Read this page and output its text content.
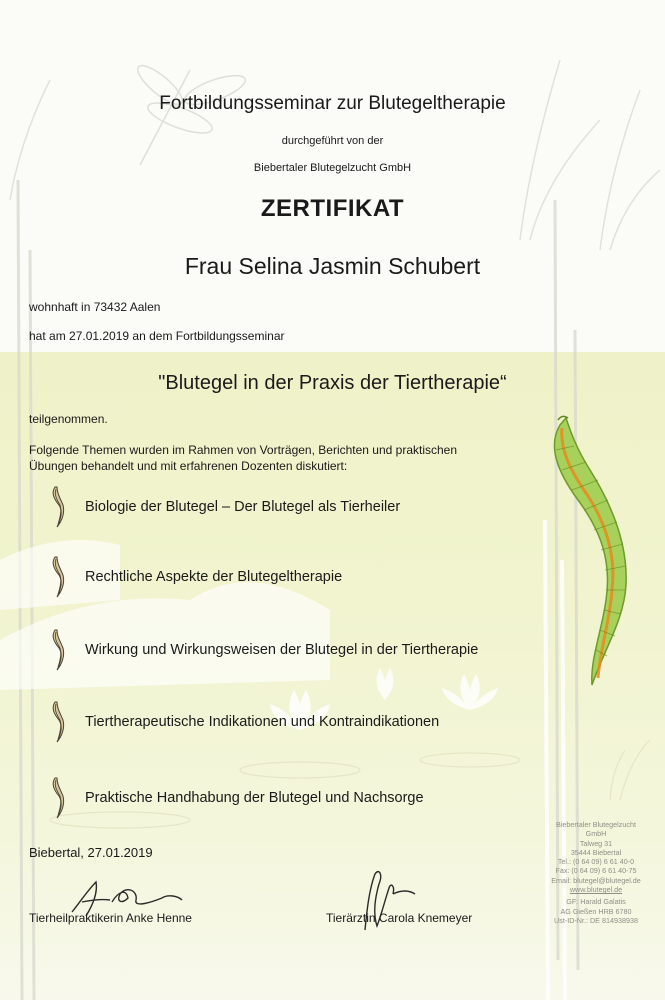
Fortbildungsseminar zur Blutegeltherapie
durchgeführt von der
Biebertaler Blutegelzucht GmbH
ZERTIFIKAT
Frau Selina Jasmin Schubert
wohnhaft in 73432 Aalen
hat am 27.01.2019 an dem Fortbildungsseminar
"Blutegel in der Praxis der Tiertherapie“
teilgenommen.
Folgende Themen wurden im Rahmen von Vorträgen, Berichten und praktischen Übungen behandelt und mit erfahrenen Dozenten diskutiert:
Biologie der Blutegel – Der Blutegel als Tierheiler
Rechtliche Aspekte der Blutegeltherapie
Wirkung und Wirkungsweisen der Blutegel in der Tiertherapie
Tiertherapeutische Indikationen und Kontraindikationen
Praktische Handhabung der Blutegel und Nachsorge
Biebertal, 27.01.2019
Tierheilpraktikerin Anke Henne	Tierärztin Carola Knemeyer
Biebertaler Blutegelzucht
GmbH
Talweg 31
35444 Biebertal
Tel.: (0 64 09) 6 61 40-0
Fax: (0 64 09) 6 61 40-75
Email: blutegel@blutegel.de
www.blutegel.de
GF: Harald Galatis
AG Gießen HRB 6780
Ust-ID-Nr.: DE 814938938
